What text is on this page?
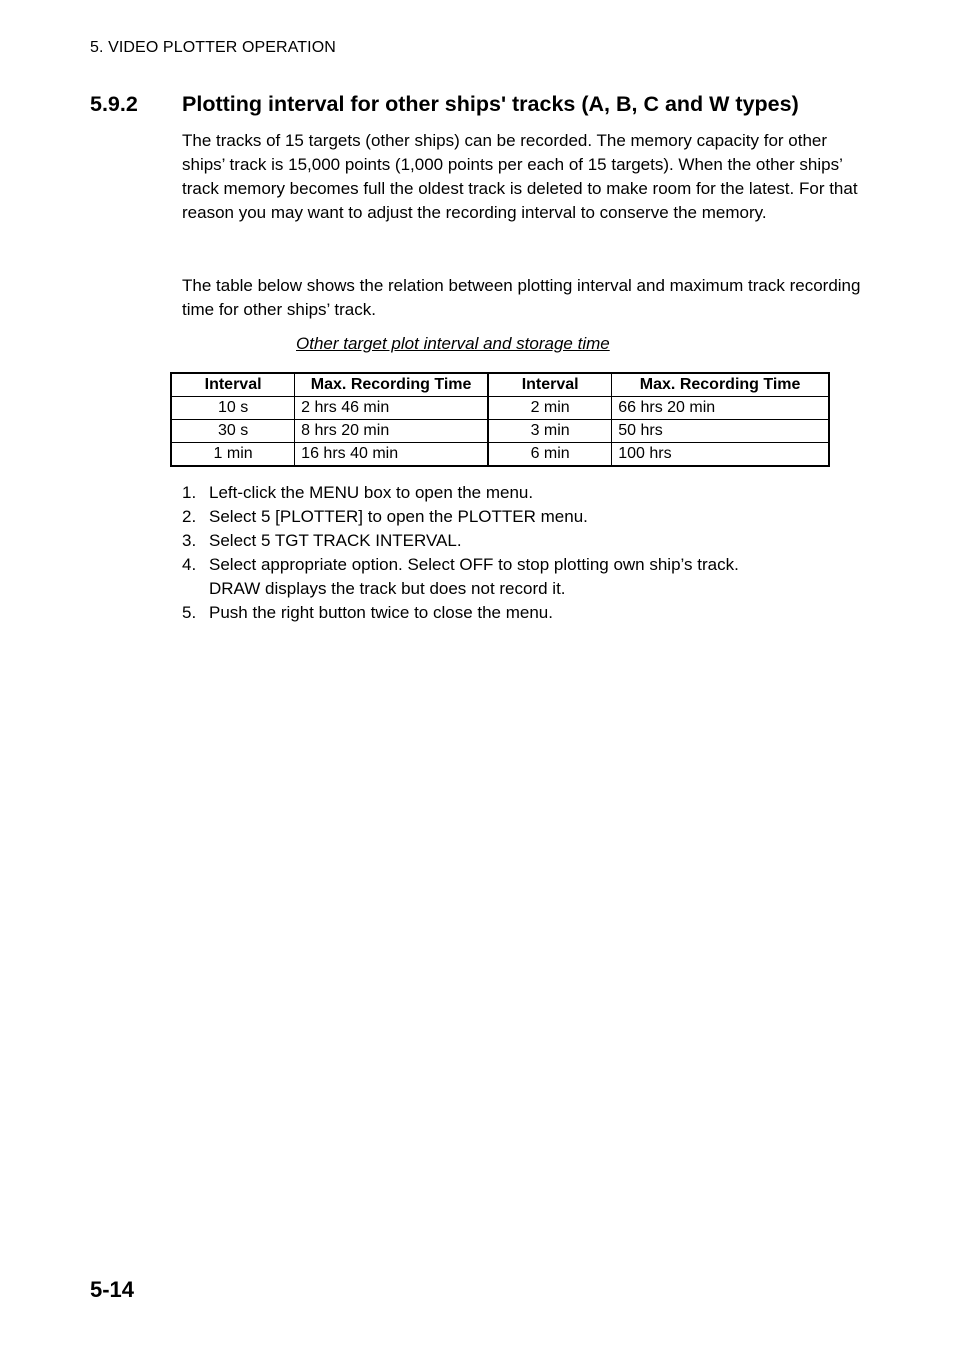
5. VIDEO PLOTTER OPERATION
5.9.2 Plotting interval for other ships' tracks (A, B, C and W types)

The tracks of 15 targets (other ships) can be recorded. The memory capacity for other ships’ track is 15,000 points (1,000 points per each of 15 targets). When the other ships’ track memory becomes full the oldest track is deleted to make room for the latest. For that reason you may want to adjust the recording interval to conserve the memory.

The table below shows the relation between plotting interval and maximum track recording time for other ships’ track.

Other target plot interval and storage time
Interval	Max. Recording Time	Interval	Max. Recording Time
10 s	2 hrs 46 min	2 min	66 hrs 20 min
30 s	8 hrs 20 min	3 min	50 hrs
1 min	16 hrs 40 min	6 min	100 hrs
1. Left-click the MENU box to open the menu.
2. Select 5 [PLOTTER] to open the PLOTTER menu.
3. Select 5 TGT TRACK INTERVAL.
4. Select appropriate option. Select OFF to stop plotting own ship’s track.
DRAW displays the track but does not record it.
5. Push the right button twice to close the menu.
5-14
